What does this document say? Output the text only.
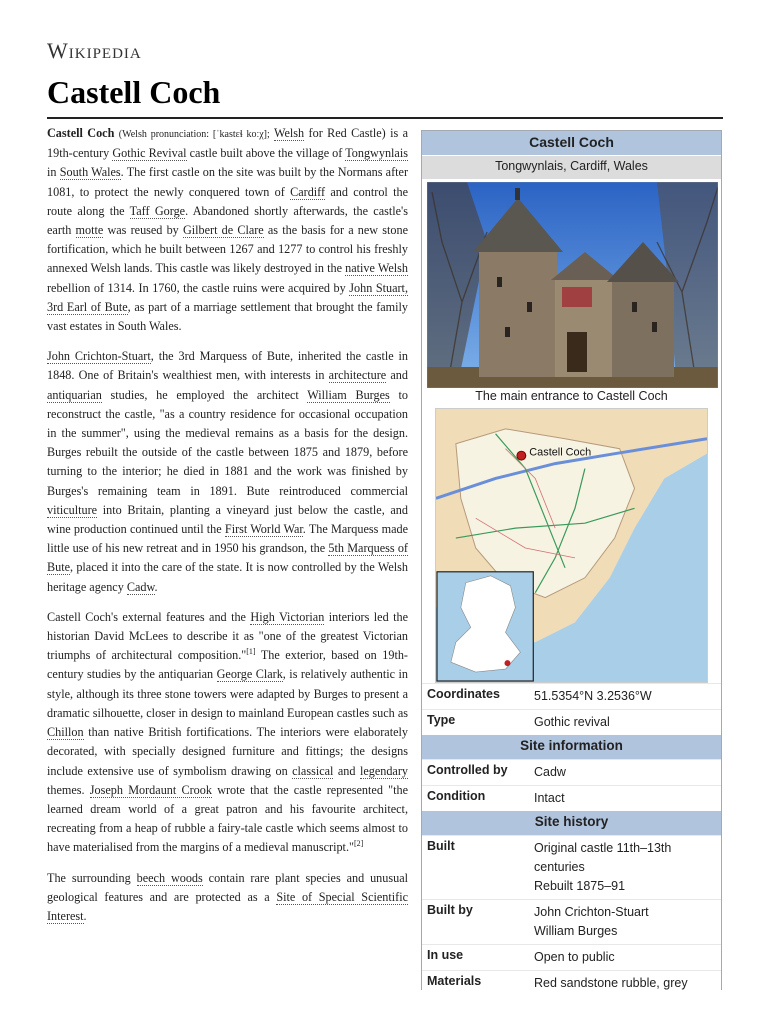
Wikipedia
Castell Coch

Castell Coch (Welsh pronunciation: [ˈkastɛɬ koːχ]; Welsh for Red Castle) is a 19th-century Gothic Revival castle built above the village of Tongwynlais in South Wales. The first castle on the site was built by the Normans after 1081, to protect the newly conquered town of Cardiff and control the route along the Taff Gorge. Abandoned shortly afterwards, the castle's earth motte was reused by Gilbert de Clare as the basis for a new stone fortification, which he built between 1267 and 1277 to control his freshly annexed Welsh lands. This castle was likely destroyed in the native Welsh rebellion of 1314. In 1760, the castle ruins were acquired by John Stuart, 3rd Earl of Bute, as part of a marriage settlement that brought the family vast estates in South Wales.

John Crichton-Stuart, the 3rd Marquess of Bute, inherited the castle in 1848. One of Britain's wealthiest men, with interests in architecture and antiquarian studies, he employed the architect William Burges to reconstruct the castle, "as a country residence for occasional occupation in the summer", using the medieval remains as a basis for the design. Burges rebuilt the outside of the castle between 1875 and 1879, before turning to the interior; he died in 1881 and the work was finished by Burges's remaining team in 1891. Bute reintroduced commercial viticulture into Britain, planting a vineyard just below the castle, and wine production continued until the First World War. The Marquess made little use of his new retreat and in 1950 his grandson, the 5th Marquess of Bute, placed it into the care of the state. It is now controlled by the Welsh heritage agency Cadw.

Castell Coch's external features and the High Victorian interiors led the historian David McLees to describe it as "one of the greatest Victorian triumphs of architectural composition."[1] The exterior, based on 19th-century studies by the antiquarian George Clark, is relatively authentic in style, although its three stone towers were adapted by Burges to present a dramatic silhouette, closer in design to mainland European castles such as Chillon than native British fortifications. The interiors were elaborately decorated, with specially designed furniture and fittings; the designs include extensive use of symbolism drawing on classical and legendary themes. Joseph Mordaunt Crook wrote that the castle represented "the learned dream world of a great patron and his favourite architect, recreating from a heap of rubble a fairy-tale castle which seems almost to have materialised from the margins of a medieval manuscript."[2]

The surrounding beech woods contain rare plant species and unusual geological features and are protected as a Site of Special Scientific Interest.

Castell Coch
Tongwynlais, Cardiff, Wales
The main entrance to Castell Coch
Castell Coch
Coordinates	51.5354°N 3.2536°W
Type	Gothic revival
Site information
Controlled by	Cadw
Condition	Intact
Site history
Built	Original castle 11th–13th centuries
Rebuilt 1875–91
Built by	John Crichton-Stuart
William Burges
In use	Open to public
Materials	Red sandstone rubble, grey
